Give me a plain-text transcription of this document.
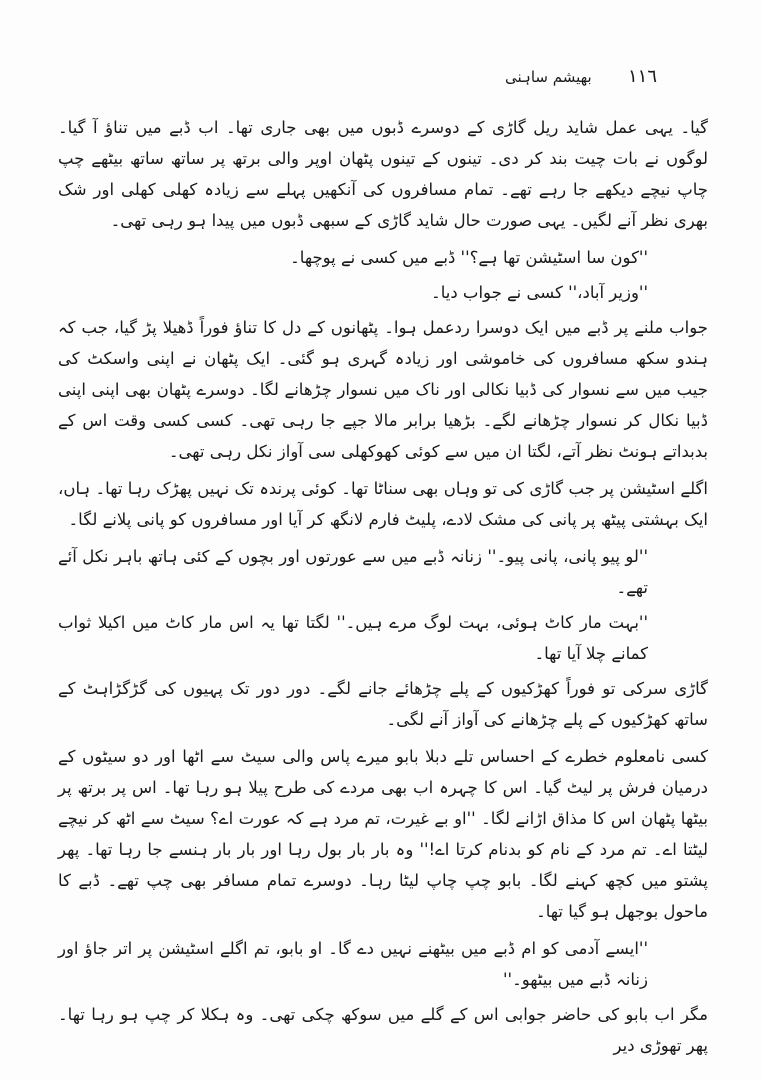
١١٦
بھیشم ساہنی

گیا۔ یہی عمل شاید ریل گاڑی کے دوسرے ڈبوں میں بھی جاری تھا۔ اب ڈبے میں تناؤ آ گیا۔ لوگوں نے بات چیت بند کر دی۔ تینوں کے تینوں پٹھان اوپر والی برتھ پر ساتھ ساتھ بیٹھے چپ چاپ نیچے دیکھے جا رہے تھے۔ تمام مسافروں کی آنکھیں پہلے سے زیادہ کھلی کھلی اور شک بھری نظر آنے لگیں۔ یہی صورت حال شاید گاڑی کے سبھی ڈبوں میں پیدا ہو رہی تھی۔

''کون سا اسٹیشن تھا ہے؟'' ڈبے میں کسی نے پوچھا۔

''وزیر آباد،'' کسی نے جواب دیا۔

جواب ملنے پر ڈبے میں ایک دوسرا ردعمل ہوا۔ پٹھانوں کے دل کا تناؤ فوراً ڈھیلا پڑ گیا، جب کہ ہندو سکھ مسافروں کی خاموشی اور زیادہ گہری ہو گئی۔ ایک پٹھان نے اپنی واسکٹ کی جیب میں سے نسوار کی ڈبیا نکالی اور ناک میں نسوار چڑھانے لگا۔ دوسرے پٹھان بھی اپنی اپنی ڈبیا نکال کر نسوار چڑھانے لگے۔ بڑھیا برابر مالا جپے جا رہی تھی۔ کسی کسی وقت اس کے بدبداتے ہونٹ نظر آتے، لگتا ان میں سے کوئی کھوکھلی سی آواز نکل رہی تھی۔

اگلے اسٹیشن پر جب گاڑی کی تو وہاں بھی سناٹا تھا۔ کوئی پرندہ تک نہیں پھڑک رہا تھا۔ ہاں، ایک بہشتی پیٹھ پر پانی کی مشک لادے، پلیٹ فارم لانگھ کر آیا اور مسافروں کو پانی پلانے لگا۔

''لو پیو پانی، پانی پیو۔'' زنانہ ڈبے میں سے عورتوں اور بچوں کے کئی ہاتھ باہر نکل آئے تھے۔

''بہت مار کاٹ ہوئی، بہت لوگ مرے ہیں۔'' لگتا تھا یہ اس مار کاٹ میں اکیلا ثواب کمانے چلا آیا تھا۔

گاڑی سرکی تو فوراً کھڑکیوں کے پلے چڑھائے جانے لگے۔ دور دور تک پہیوں کی گڑگڑاہٹ کے ساتھ کھڑکیوں کے پلے چڑھانے کی آواز آنے لگی۔

کسی نامعلوم خطرے کے احساس تلے دبلا بابو میرے پاس والی سیٹ سے اٹھا اور دو سیٹوں کے درمیان فرش پر لیٹ گیا۔ اس کا چہرہ اب بھی مردے کی طرح پیلا ہو رہا تھا۔ اس پر برتھ پر بیٹھا پٹھان اس کا مذاق اڑانے لگا۔ ''او بے غیرت، تم مرد ہے کہ عورت اے؟ سیٹ سے اٹھ کر نیچے لیٹتا اے۔ تم مرد کے نام کو بدنام کرتا اے!'' وہ بار بار بول رہا اور بار بار ہنسے جا رہا تھا۔ پھر پشتو میں کچھ کہنے لگا۔ بابو چپ چاپ لیٹا رہا۔ دوسرے تمام مسافر بھی چپ تھے۔ ڈبے کا ماحول بوجھل ہو گیا تھا۔

''ایسے آدمی کو ام ڈبے میں بیٹھنے نہیں دے گا۔ او بابو، تم اگلے اسٹیشن پر اتر جاؤ اور زنانہ ڈبے میں بیٹھو۔''

مگر اب بابو کی حاضر جوابی اس کے گلے میں سوکھ چکی تھی۔ وہ ہکلا کر چپ ہو رہا تھا۔ پھر تھوڑی دیر
